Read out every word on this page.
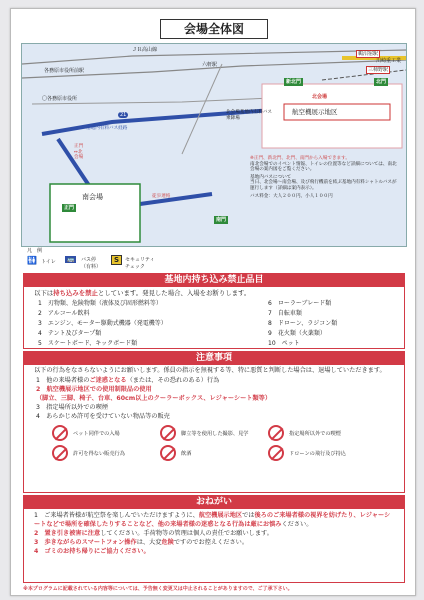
会場全体図
ＪＲ高山線
各務原市役所前駅
六軒駅
〇各務原市役所
21
鵜沼宿駅
川崎重工業
三柿野駅
新北門	北門
北会場
航空機展示地区
北会場基地内有料バス乗降場
基地内有料バス経路
正門↔北会場
徒歩連絡
南会場
正門
南門
※正門、新北門、北門、南門から入場できます。
南北会場でのイベント情報、トイレの位置等など詳細については、南北会場の案内図をご覧ください。
基地内バスについて
当日、北会場〜南会場、及び飛行機前を結ぶ基地内有料シャトルバスが運行します（詳細は案内表示）。
バス料金：大人２００円、小人１００円
凡　例
🚻 トイレ	🚌	バス停（有料）
S	セキュリティチェック
基地内持ち込み禁止品目
以下は持ち込みを禁止としています。発見した場合、入場をお断りします。
1　刃物類、危険物類（液体及び固形燃料等）
2　アルコール飲料
3　エンジン、モーター駆動式機器（発電機等）
4　テント及びタープ類
5　スケートボード、キックボード類
6　ローラーブレード類
7　自転車類
8　ドローン、ラジコン類
9　花火類（火薬類）
10　ペット
注意事項
以下の行為をなさらないようにお願いします。係員の指示を無視する等、特に悪質と判断した場合は、退場していただきます。
1　他の来場者様のご迷惑となる（または、その恐れのある）行為
2　航空機展示地区での使用制限品の使用
（脚立、三脚、椅子、台車、60cm以上のクーラーボックス、レジャーシート類等）
3　指定場所以外での喫煙
4　あらかじめ許可を受けていない物品等の販売
ペット同伴での入場	脚立等を使用した撮影、見学	指定場所以外での喫煙
許可を得ない販売行為	飲酒	ドローンの飛行及び持込
おねがい
1　ご来場者皆様が航空祭を楽しんでいただけますように、航空機展示地区では後ろのご来場者様の視界を妨げたり、レジャーシートなどで場所を確保したりすることなど、他の来場者様の迷惑となる行為は厳にお慎みください。
2　置き引き被害に注意してください。手荷物等の管理は個人の責任でお願いします。
3　歩きながらのスマートフォン操作は、大変危険ですのでお控えください。
4　ゴミのお持ち帰りにご協力ください。
※本プログラムに記載されている内容等については、予告無く変更又は中止されることがありますので、ご了承下さい。
